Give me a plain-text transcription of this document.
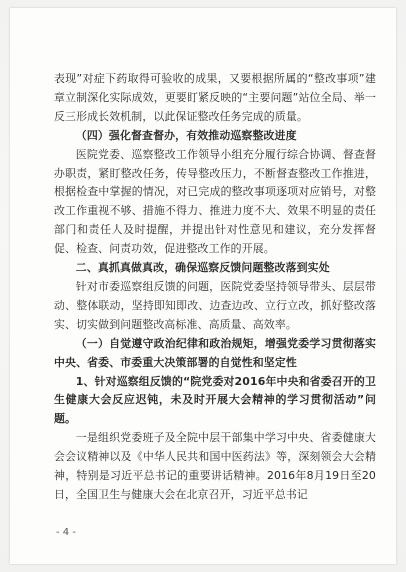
表现”对症下药取得可验收的成果，又要根据所属的“整改事项”建章立制深化实际成效，更要盯紧反映的“主要问题”站位全局、举一反三形成长效机制，以此保证整改任务完成的质量。

（四）强化督查督办，有效推动巡察整改进度

医院党委、巡察整改工作领导小组充分履行综合协调、督查督办职责，紧盯整改任务，传导整改压力，不断督查整改工作推进，根据检查中掌握的情况，对已完成的整改事项逐项对应销号，对整改工作重视不够、措施不得力、推进力度不大、效果不明显的责任部门和责任人及时提醒，并提出针对性意见和建议，充分发挥督促、检查、问责功效，促进整改工作的开展。

二、真抓真做真改，确保巡察反馈问题整改落到实处

针对市委巡察组反馈的问题，医院党委坚持领导带头、层层带动、整体联动，坚持即知即改、边查边改、立行立改，抓好整改落实、切实做到问题整改高标准、高质量、高效率。

（一）自觉遵守政治纪律和政治规矩，增强党委学习贯彻落实中央、省委、市委重大决策部署的自觉性和坚定性

1、针对巡察组反馈的“院党委对2016年中央和省委召开的卫生健康大会反应迟钝，未及时开展大会精神的学习贯彻活动”问题。

一是组织党委班子及全院中层干部集中学习中央、省委健康大会会议精神以及《中华人民共和国中医药法》等，深刻领会大会精神，特别是习近平总书记的重要讲话精神。2016年8月19日至20日，全国卫生与健康大会在北京召开，习近平总书记

- 4 -
